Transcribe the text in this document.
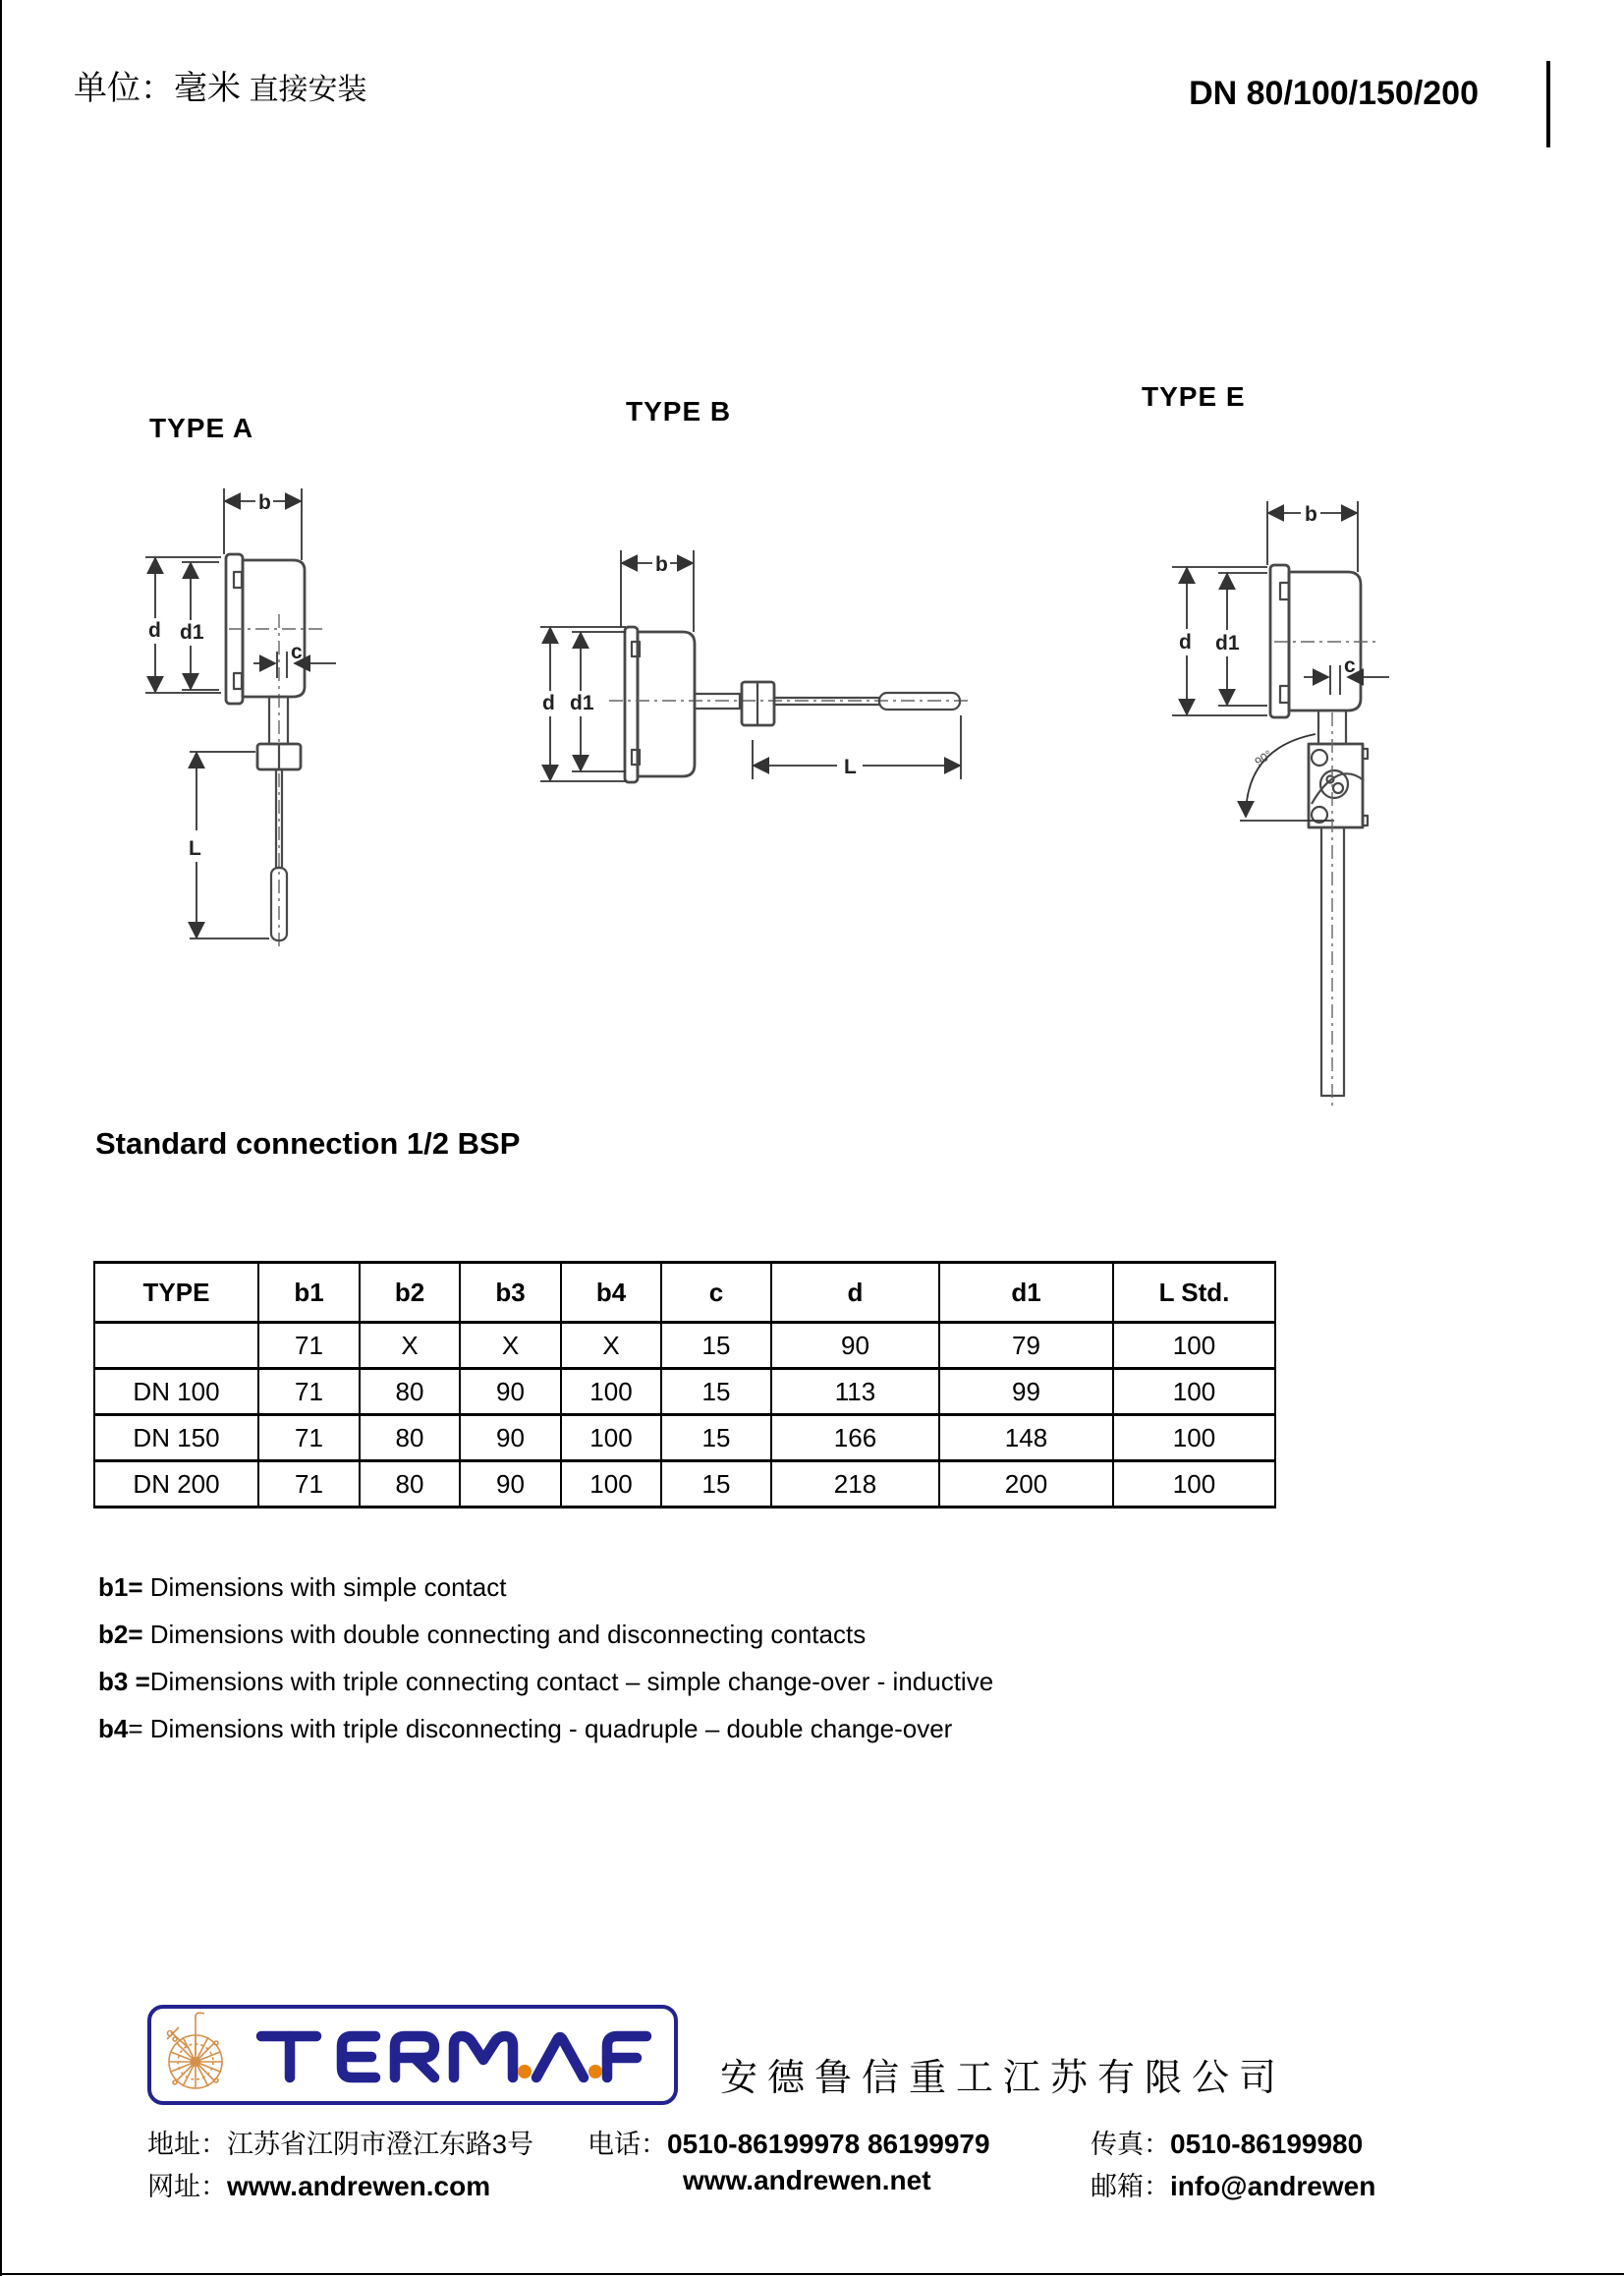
单位：毫米 直接安装	DN 80/100/150/200
TYPE A
TYPE B	TYPE E
b
d d1
c
L
b
d d1
L
b
d d1
c
90°
Standard connection 1/2 BSP
TYPE	b1	b2	b3	b4	c	d	d1	L Std.
	71	X	X	X	15	90	79	100
DN 100	71	80	90	100	15	113	99	100
DN 150	71	80	90	100	15	166	148	100
DN 200	71	80	90	100	15	218	200	100
b1= Dimensions with simple contact
b2= Dimensions with double connecting and disconnecting contacts
b3 =Dimensions with triple connecting contact – simple change-over - inductive
b4= Dimensions with triple disconnecting - quadruple – double change-over
安德鲁信重工江苏有限公司
地址：江苏省江阴市澄江东路3号 电话：0510-86199978 86199979	传真：0510-86199980
网址：www.andrewen.com	www.andrewen.net	邮箱：info@andrewen
